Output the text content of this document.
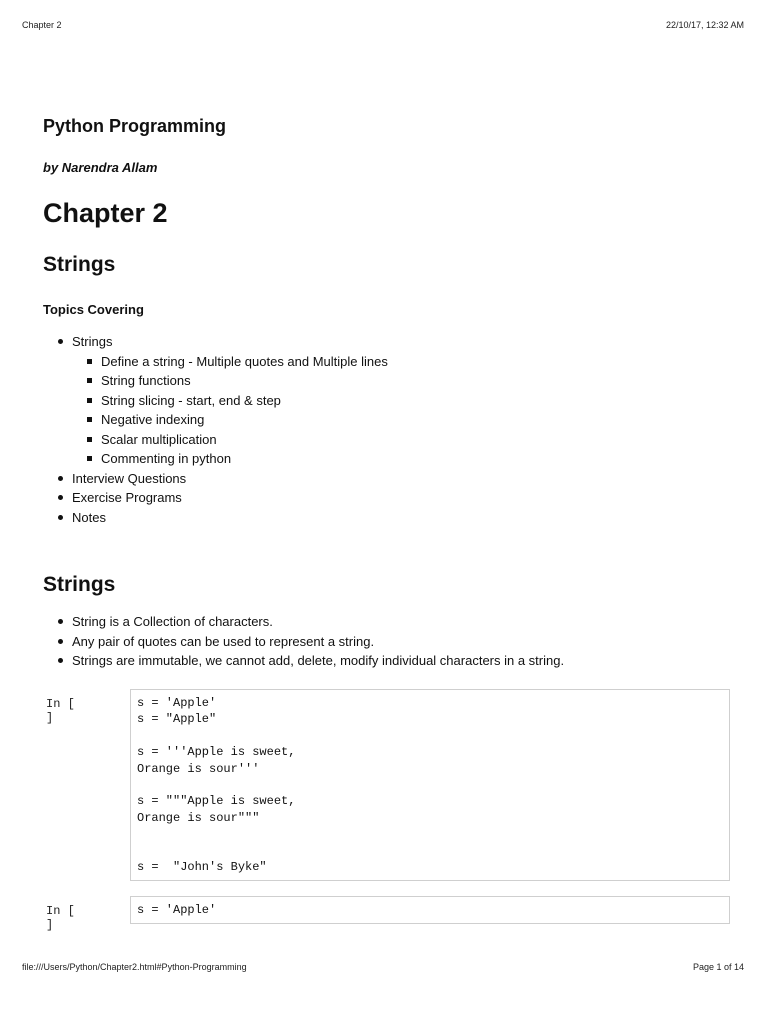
Chapter 2	22/10/17, 12:32 AM
Python Programming

by Narendra Allam

Chapter 2
Strings
Topics Covering
Strings
Define a string - Multiple quotes and Multiple lines
String functions
String slicing - start, end & step
Negative indexing
Scalar multiplication
Commenting in python
Interview Questions
Exercise Programs
Notes
Strings
String is a Collection of characters.
Any pair of quotes can be used to represent a string.
Strings are immutable, we cannot add, delete, modify individual characters in a string.
In [ ]
s = 'Apple'
s = "Apple"
s = '''Apple is sweet,
Orange is sour'''
s = """Apple is sweet,
Orange is sour"""
s =  "John's Byke"
In [ ]
s = 'Apple'
file:///Users/Python/Chapter2.html#Python-Programming	Page 1 of 14
